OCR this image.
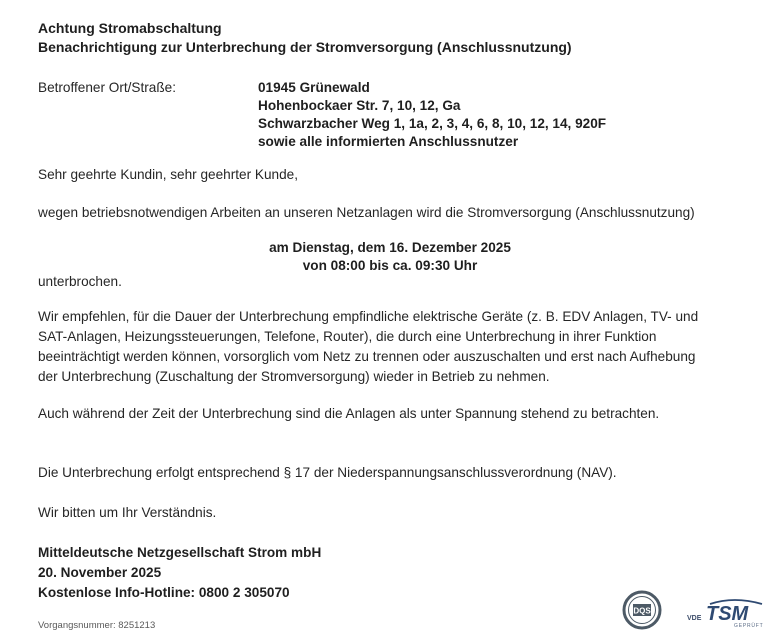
Achtung Stromabschaltung
Benachrichtigung zur Unterbrechung der Stromversorgung (Anschlussnutzung)
Betroffener Ort/Straße:	01945 Grünewald
Hohenbockaer Str. 7, 10, 12, Ga
Schwarzbacher Weg 1, 1a, 2, 3, 4, 6, 8, 10, 12, 14, 920F
sowie alle informierten Anschlussnutzer
Sehr geehrte Kundin, sehr geehrter Kunde,
wegen betriebsnotwendigen Arbeiten an unseren Netzanlagen wird die Stromversorgung (Anschlussnutzung)
am Dienstag, dem 16. Dezember 2025
von 08:00 bis ca. 09:30 Uhr
unterbrochen.
Wir empfehlen, für die Dauer der Unterbrechung empfindliche elektrische Geräte (z. B. EDV Anlagen, TV- und
SAT-Anlagen, Heizungssteuerungen, Telefone, Router), die durch eine Unterbrechung in ihrer Funktion
beeinträchtigt werden können, vorsorglich vom Netz zu trennen oder auszuschalten und erst nach Aufhebung
der Unterbrechung (Zuschaltung der Stromversorgung) wieder in Betrieb zu nehmen.
Auch während der Zeit der Unterbrechung sind die Anlagen als unter Spannung stehend zu betrachten.
Die Unterbrechung erfolgt entsprechend § 17 der Niederspannungsanschlussverordnung (NAV).
Wir bitten um Ihr Verständnis.
Mitteldeutsche Netzgesellschaft Strom mbH
20. November 2025
Kostenlose Info-Hotline: 0800 2 305070
Vorgangsnummer: 8251213
DQS
VDE TSM
GEPRÜFT
